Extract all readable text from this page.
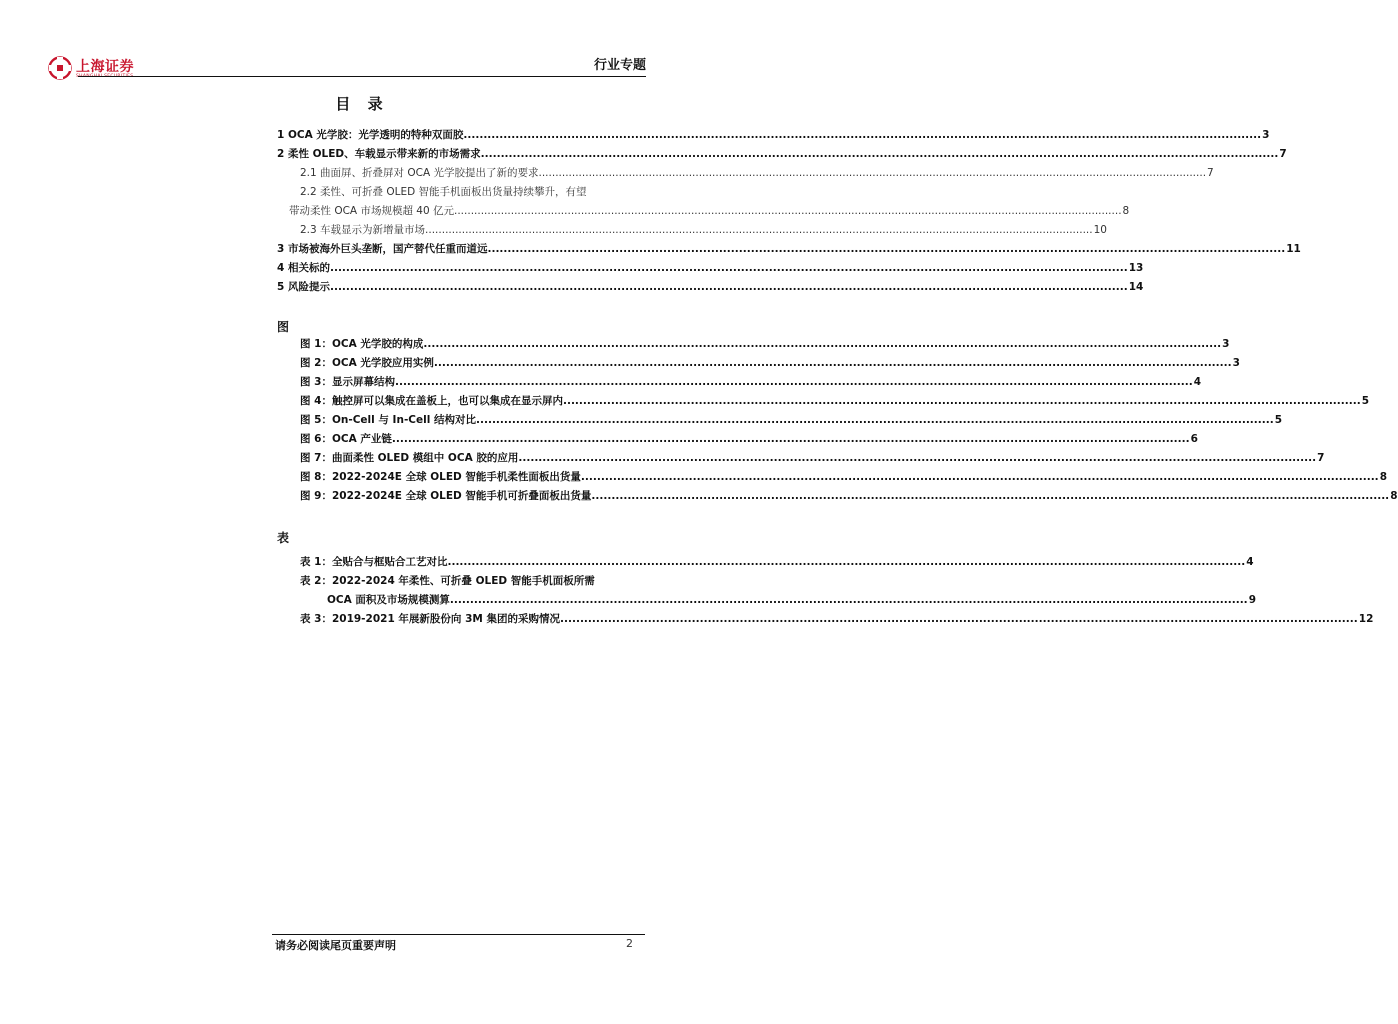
上海证券
SHANGHAI SECURITIES
行业专题
目 录
1 OCA 光学胶：光学透明的特种双面胶 ........................................................................................................................................................................................................ 3
2 柔性 OLED、车载显示带来新的市场需求 ........................................................................................................................................................................................................ 7
2.1 曲面屏、折叠屏对 OCA 光学胶提出了新的要求 ........................................................................................................................................................................................................ 7
2.2 柔性、可折叠 OLED 智能手机面板出货量持续攀升，有望
带动柔性 OCA 市场规模超 40 亿元 ........................................................................................................................................................................................................ 8
2.3 车载显示为新增量市场 ........................................................................................................................................................................................................ 10
3 市场被海外巨头垄断，国产替代任重而道远 ........................................................................................................................................................................................................ 11
4 相关标的 ........................................................................................................................................................................................................ 13
5 风险提示 ........................................................................................................................................................................................................ 14
图
图 1：OCA 光学胶的构成 ........................................................................................................................................................................................................ 3
图 2：OCA 光学胶应用实例 ........................................................................................................................................................................................................ 3
图 3：显示屏幕结构 ........................................................................................................................................................................................................ 4
图 4：触控屏可以集成在盖板上，也可以集成在显示屏内 ........................................................................................................................................................................................................ 5
图 5：On-Cell 与 In-Cell 结构对比 ........................................................................................................................................................................................................ 5
图 6：OCA 产业链 ........................................................................................................................................................................................................ 6
图 7：曲面柔性 OLED 模组中 OCA 胶的应用 ........................................................................................................................................................................................................ 7
图 8：2022-2024E 全球 OLED 智能手机柔性面板出货量 ........................................................................................................................................................................................................ 8
图 9：2022-2024E 全球 OLED 智能手机可折叠面板出货量 ........................................................................................................................................................................................................ 8
表
表 1：全贴合与框贴合工艺对比 ........................................................................................................................................................................................................ 4
表 2：2022-2024 年柔性、可折叠 OLED 智能手机面板所需
OCA 面积及市场规模测算 ........................................................................................................................................................................................................ 9
表 3：2019-2021 年展新股份向 3M 集团的采购情况 ........................................................................................................................................................................................................ 12
请务必阅读尾页重要声明	2
